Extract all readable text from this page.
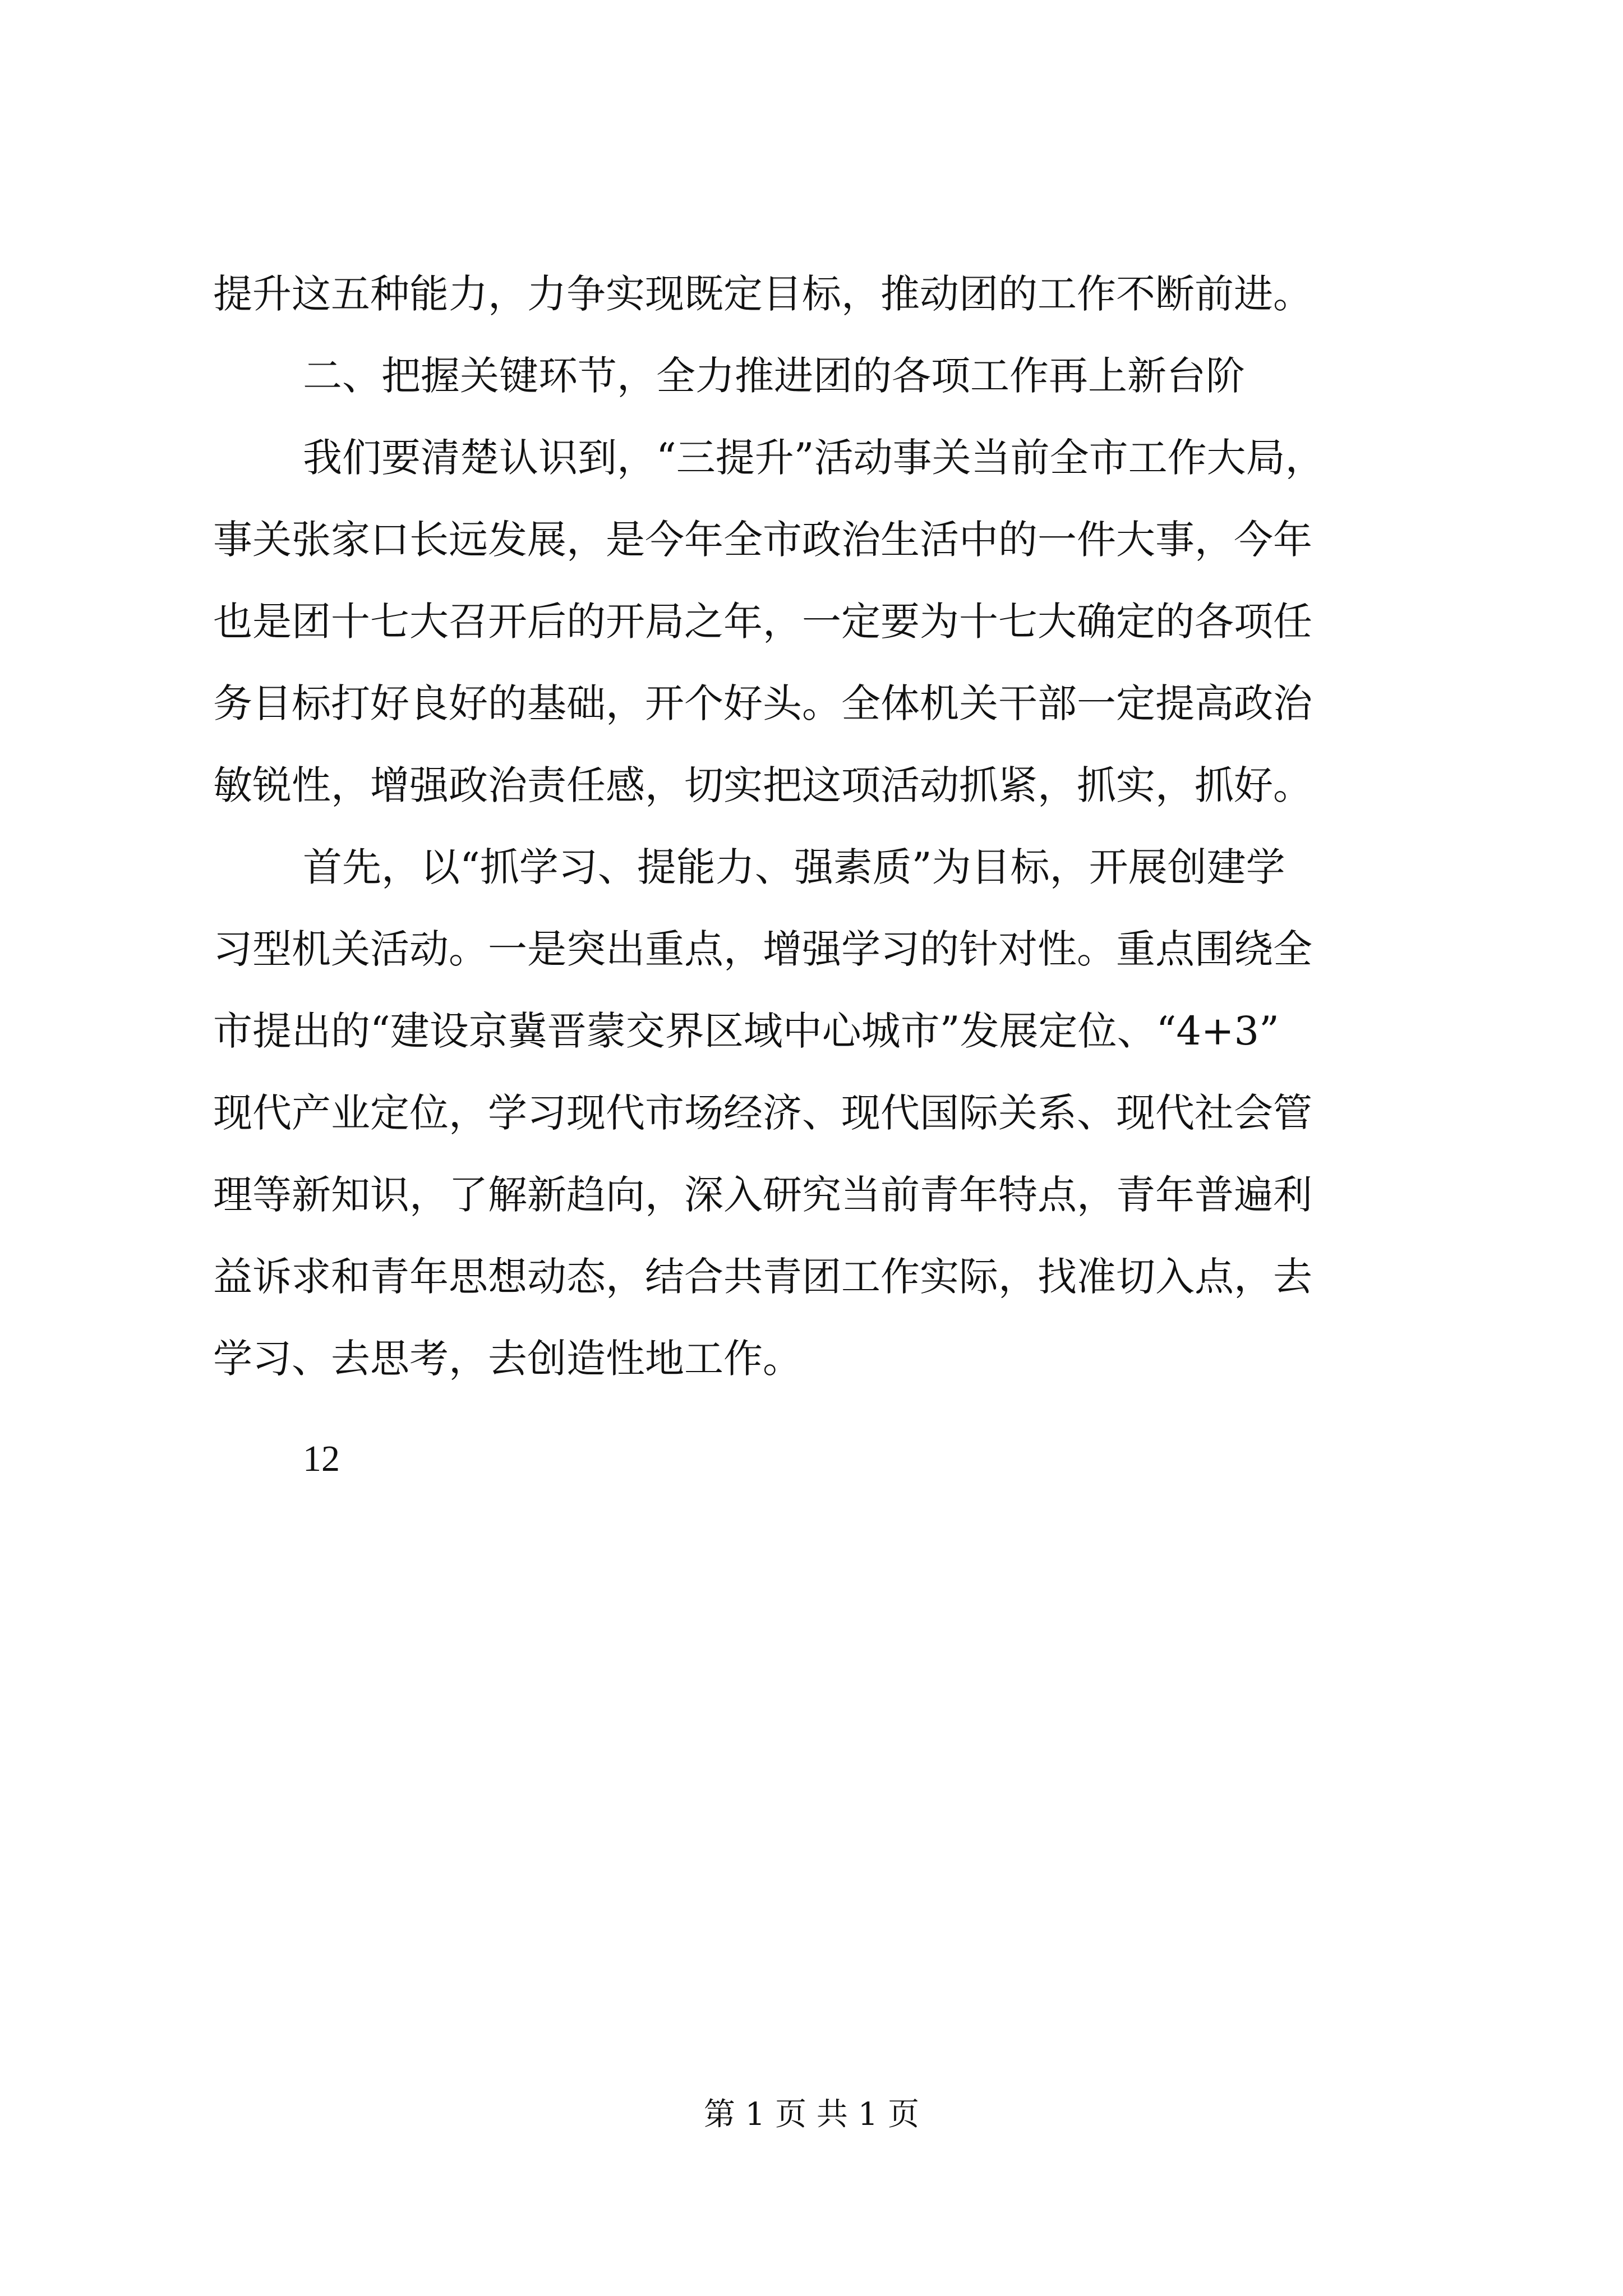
提升这五种能力，力争实现既定目标，推动团的工作不断前进。
二、把握关键环节，全力推进团的各项工作再上新台阶
我们要清楚认识到，“三提升”活动事关当前全市工作大局，
事关张家口长远发展，是今年全市政治生活中的一件大事，今年
也是团十七大召开后的开局之年，一定要为十七大确定的各项任
务目标打好良好的基础，开个好头。全体机关干部一定提高政治
敏锐性，增强政治责任感，切实把这项活动抓紧，抓实，抓好。
首先，以“抓学习、提能力、强素质”为目标，开展创建学
习型机关活动。一是突出重点，增强学习的针对性。重点围绕全
市提出的“建设京冀晋蒙交界区域中心城市”发展定位、“4+3”
现代产业定位，学习现代市场经济、现代国际关系、现代社会管
理等新知识，了解新趋向，深入研究当前青年特点，青年普遍利
益诉求和青年思想动态，结合共青团工作实际，找准切入点，去
学习、去思考，去创造性地工作。
12
第 1 页 共 1 页
